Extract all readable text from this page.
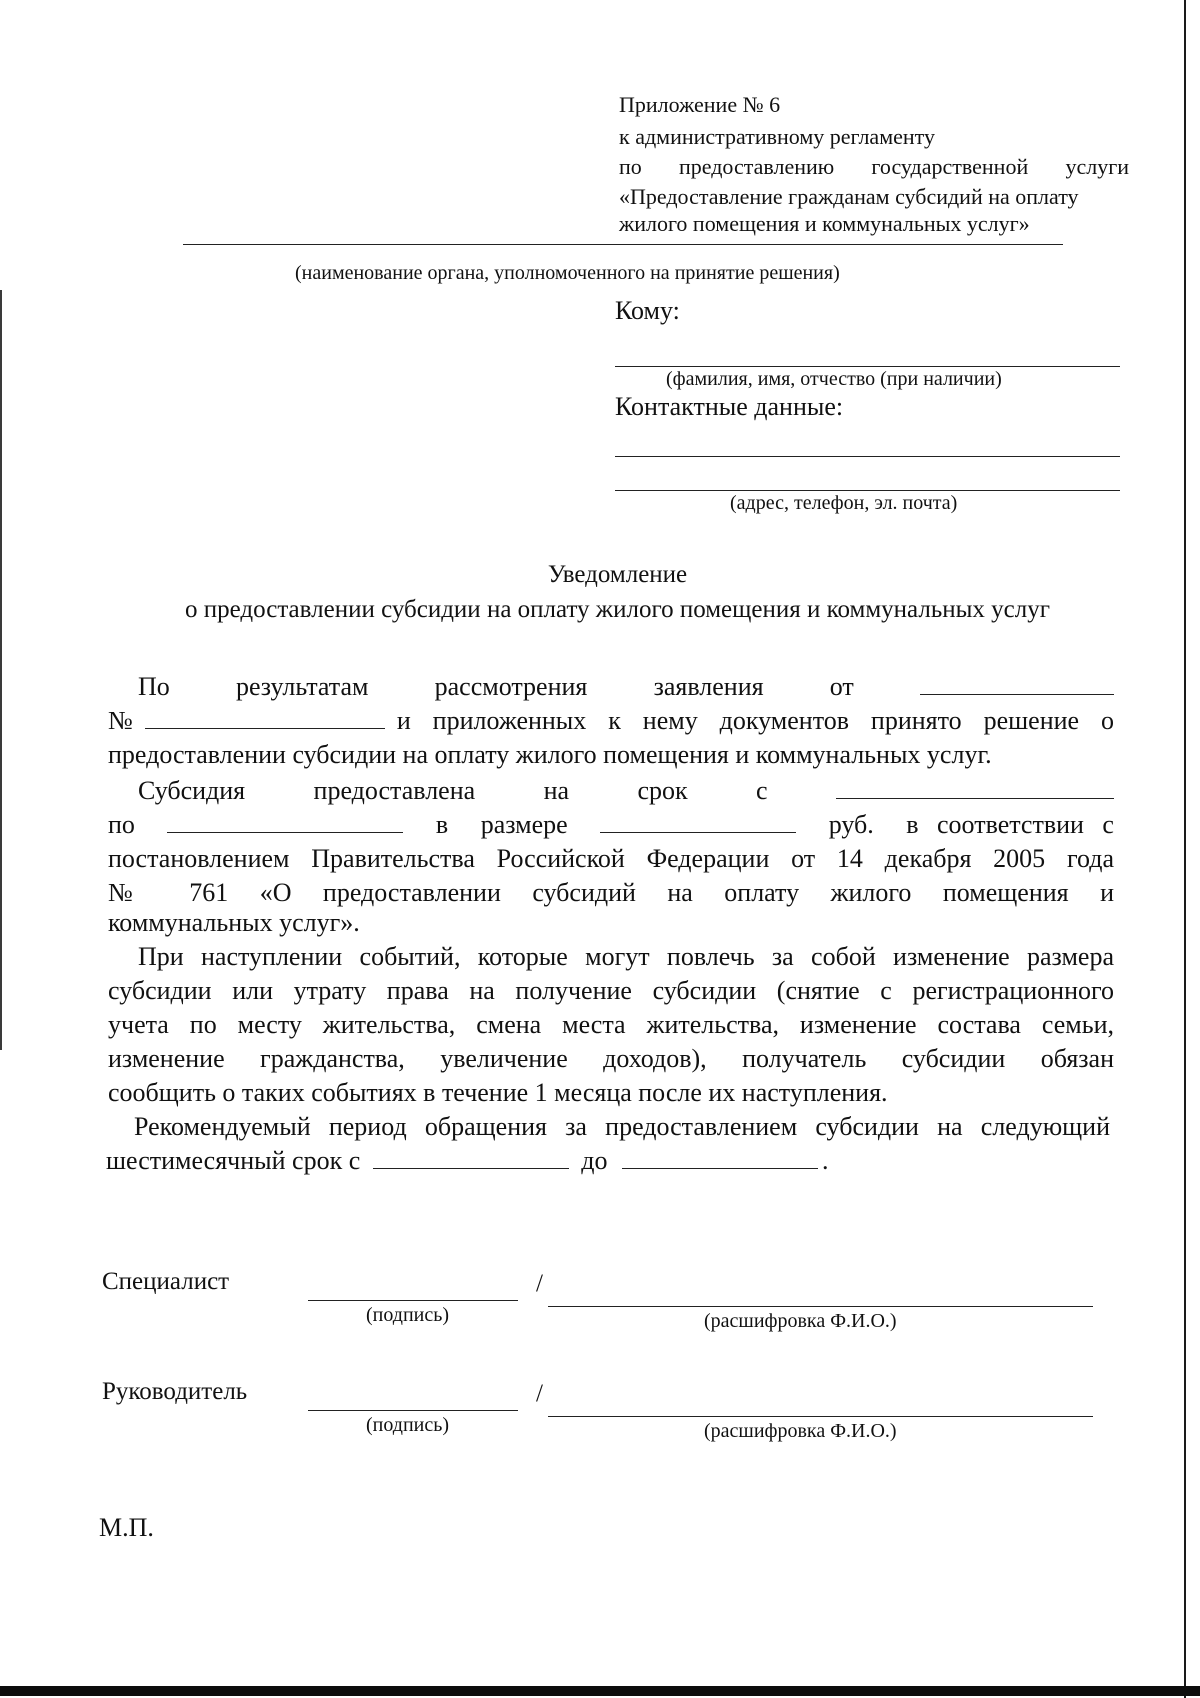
Приложение № 6
к административному регламенту
по предоставлению государственной услуги
«Предоставление гражданам субсидий на оплату
жилого помещения и коммунальных услуг»
(наименование органа, уполномоченного на принятие решения)
Кому:
(фамилия, имя, отчество (при наличии)
Контактные данные:
(адрес, телефон, эл. почта)
Уведомление
о предоставлении субсидии на оплату жилого помещения и коммунальных услуг
По	результатам	рассмотрения	заявления	от
№	и приложенных к нему документов принято решение о
предоставлении субсидии на оплату жилого помещения и коммунальных услуг.
Субсидия	предоставлена	на	срок	с
по	в размере	руб. в соответствии с
постановлением Правительства Российской Федерации от 14 декабря 2005 года
№ 761 «О предоставлении субсидий на оплату жилого помещения и
коммунальных услуг».
При наступлении событий, которые могут повлечь за собой изменение размера
субсидии или утрату права на получение субсидии (снятие с регистрационного
учета по месту жительства, смена места жительства, изменение состава семьи,
изменение гражданства, увеличение доходов), получатель субсидии обязан
сообщить о таких событиях в течение 1 месяца после их наступления.
Рекомендуемый период обращения за предоставлением субсидии на следующий
шестимесячный срок с	до	.
Специалист	/
(подпись)	(расшифровка Ф.И.О.)
Руководитель	/
(подпись)	(расшифровка Ф.И.О.)
М.П.
